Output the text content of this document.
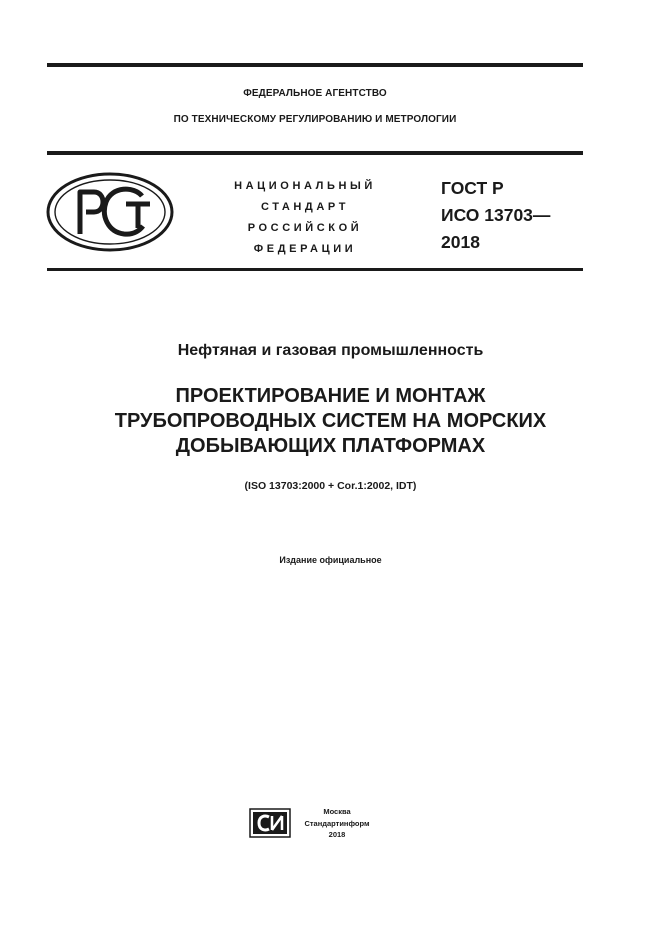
ФЕДЕРАЛЬНОЕ АГЕНТСТВО
ПО ТЕХНИЧЕСКОМУ РЕГУЛИРОВАНИЮ И МЕТРОЛОГИИ
НАЦИОНАЛЬНЫЙ
СТАНДАРТ
РОССИЙСКОЙ
ФЕДЕРАЦИИ
ГОСТ Р
ИСО 13703—
2018
Нефтяная и газовая промышленность
ПРОЕКТИРОВАНИЕ И МОНТАЖ
ТРУБОПРОВОДНЫХ СИСТЕМ НА МОРСКИХ
ДОБЫВАЮЩИХ ПЛАТФОРМАХ
(ISO 13703:2000 + Cor.1:2002, IDT)
Издание официальное
Москва
Стандартинформ
2018
